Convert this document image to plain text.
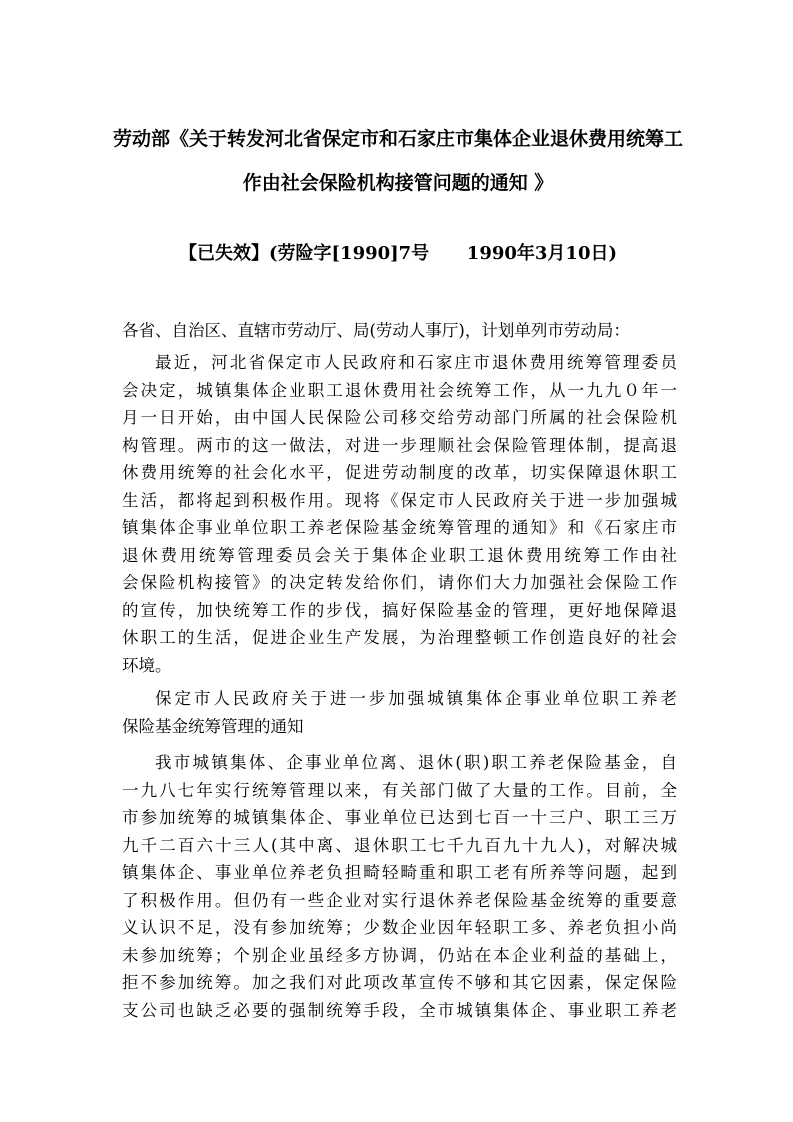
劳动部《关于转发河北省保定市和石家庄市集体企业退休费用统筹工
作由社会保险机构接管问题的通知 》
【已失效】(劳险字[1990]7号 1990年3月10日)
各省、自治区、直辖市劳动厅、局(劳动人事厅)，计划单列市劳动局：
最近，河北省保定市人民政府和石家庄市退休费用统筹管理委员
会决定，城镇集体企业职工退休费用社会统筹工作，从一九九０年一
月一日开始，由中国人民保险公司移交给劳动部门所属的社会保险机
构管理。两市的这一做法，对进一步理顺社会保险管理体制，提高退
休费用统筹的社会化水平，促进劳动制度的改革，切实保障退休职工
生活，都将起到积极作用。现将《保定市人民政府关于进一步加强城
镇集体企事业单位职工养老保险基金统筹管理的通知》和《石家庄市
退休费用统筹管理委员会关于集体企业职工退休费用统筹工作由社
会保险机构接管》的决定转发给你们，请你们大力加强社会保险工作
的宣传，加快统筹工作的步伐，搞好保险基金的管理，更好地保障退
休职工的生活，促进企业生产发展，为治理整顿工作创造良好的社会
环境。
保定市人民政府关于进一步加强城镇集体企事业单位职工养老
保险基金统筹管理的通知
我市城镇集体、企事业单位离、退休(职)职工养老保险基金，自
一九八七年实行统筹管理以来，有关部门做了大量的工作。目前，全
市参加统筹的城镇集体企、事业单位已达到七百一十三户、职工三万
九千二百六十三人(其中离、退休职工七千九百九十九人)，对解决城
镇集体企、事业单位养老负担畸轻畸重和职工老有所养等问题，起到
了积极作用。但仍有一些企业对实行退休养老保险基金统筹的重要意
义认识不足，没有参加统筹；少数企业因年轻职工多、养老负担小尚
未参加统筹；个别企业虽经多方协调，仍站在本企业利益的基础上，
拒不参加统筹。加之我们对此项改革宣传不够和其它因素，保定保险
支公司也缺乏必要的强制统筹手段，全市城镇集体企、事业职工养老
